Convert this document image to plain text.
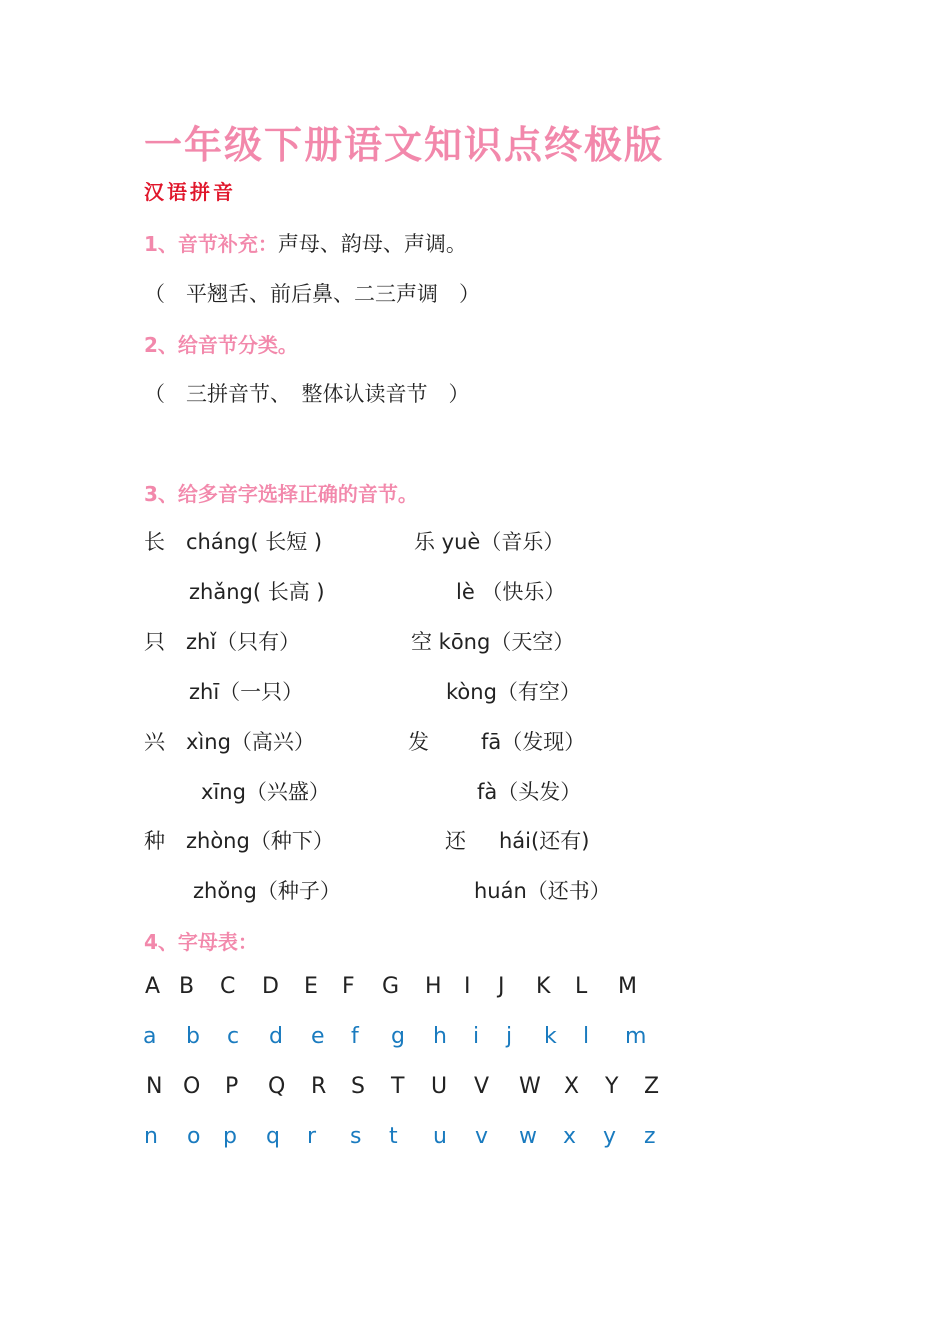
一年级下册语文知识点终极版
汉语拼音
1、音节补充：声母、韵母、声调。
（　平翘舌、前后鼻、二三声调　）
2、给音节分类。
（　三拼音节、　整体认读音节　）
3、给多音字选择正确的音节。
长　cháng( 长短 )
zhǎng( 长高 )
乐 yuè（音乐）
lè （快乐）
只　zhǐ（只有）
zhī（一只）
空 kōng（天空）
kòng（有空）
兴　xìng（高兴）
xīng（兴盛）
发 fā（发现）
fà（头发）
种　zhòng（种下）
zhǒng（种子）
还 hái(还有)
huán（还书）
4、字母表：
A B C D E F G H I J K L M
a b c d e f g h i j k l m
N O P Q R S T U V W X Y Z
n o p q r s t u v w x y z
